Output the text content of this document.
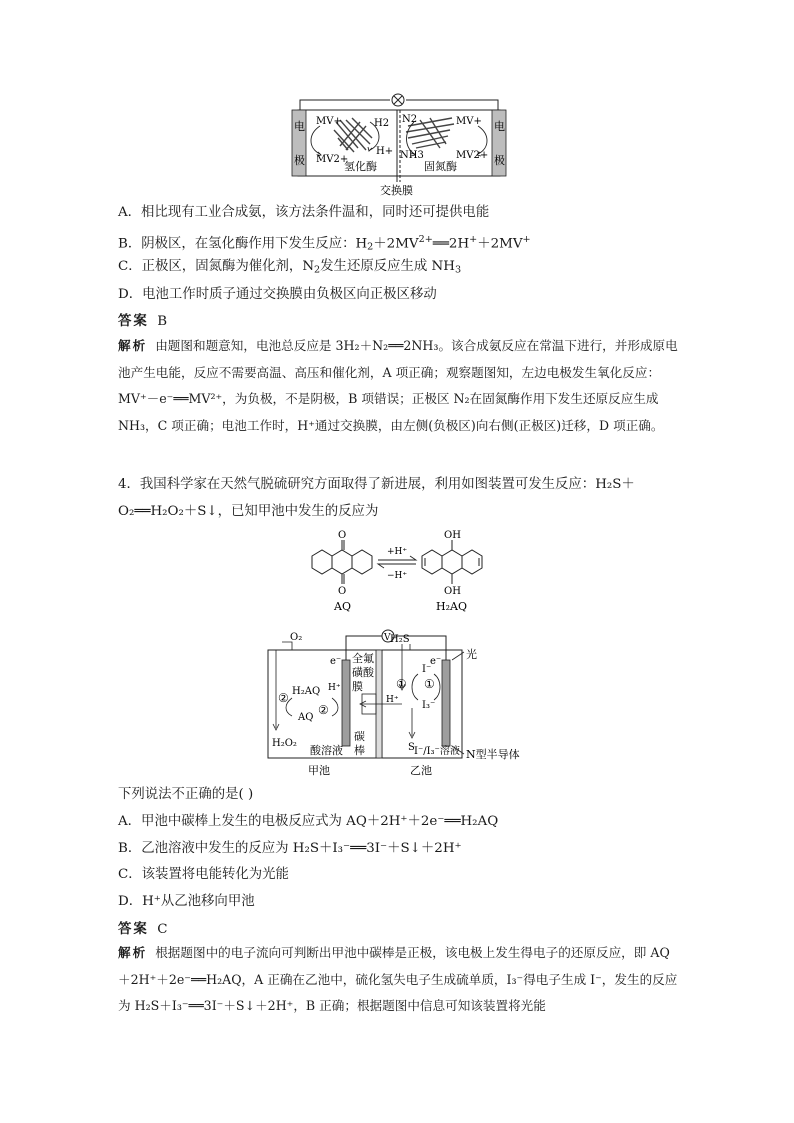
电
极
电
极
MV+
MV2+
H2
H+
氢化酶
N2
NH3
固氮酶
MV+
MV2+
交换膜
A．相比现有工业合成氨，该方法条件温和，同时还可提供电能
B．阴极区，在氢化酶作用下发生反应：$H_2+2MV^{2+}══2H^++2MV^+$
C．正极区，固氮酶为催化剂，$N_2$发生还原反应生成 $NH_3$
D．电池工作时质子通过交换膜由负极区向正极区移动
答案 B
解析 由题图和题意知，电池总反应是 3H₂＋N₂══2NH₃。该合成氨反应在常温下进行，并形成原电池产生电能，反应不需要高温、高压和催化剂，A 项正确；观察题图知，左边电极发生氧化反应：MV⁺－e⁻══MV²⁺，为负极，不是阴极，B 项错误；正极区 N₂在固氮酶作用下发生还原反应生成 NH₃，C 项正确；电池工作时，H⁺通过交换膜，由左侧(负极区)向右侧(正极区)迁移，D 项正确。
4．我国科学家在天然气脱硫研究方面取得了新进展，利用如图装置可发生反应：H₂S＋
O₂══H₂O₂＋S↓，已知甲池中发生的反应为
O
O
AQ
+H⁺
−H⁺
OH
OH
H₂AQ
V
O₂	H₂S
e⁻	e⁻
全氟
磺酸
膜
光
H₂AQ H⁺
AQ
②
②
H₂O₂
酸溶液
碳
棒
H⁺
① ①
I⁻
I₃⁻
S I⁻/I₃⁻溶液 N型半导体
甲池	乙池
下列说法不正确的是( )
A．甲池中碳棒上发生的电极反应式为 AQ＋2H⁺＋2e⁻══H₂AQ
B．乙池溶液中发生的反应为 H₂S＋I₃⁻══3I⁻＋S↓＋2H⁺
C．该装置将电能转化为光能
D．H⁺从乙池移向甲池
答案 C
解析 根据题图中的电子流向可判断出甲池中碳棒是正极，该电极上发生得电子的还原反应，即 AQ＋2H⁺＋2e⁻══H₂AQ，A 正确在乙池中，硫化氢失电子生成硫单质，I₃⁻得电子生成 I⁻，发生的反应为 H₂S＋I₃⁻══3I⁻＋S↓＋2H⁺，B 正确；根据题图中信息可知该装置将光能
